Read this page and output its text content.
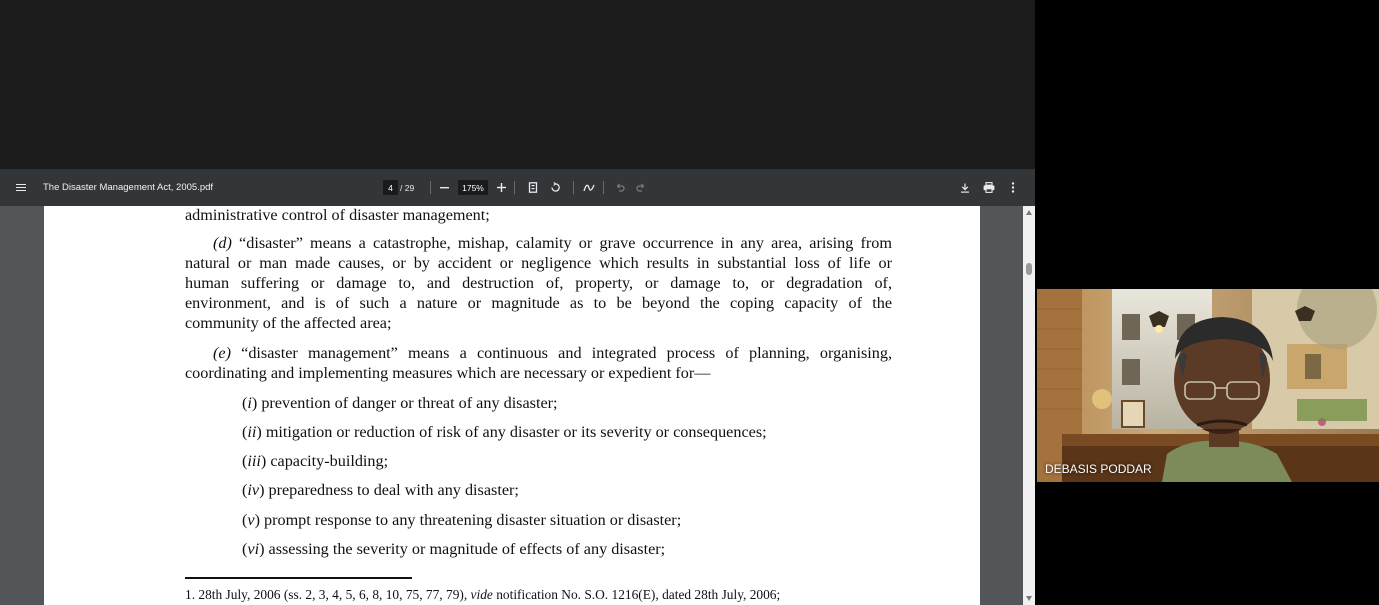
The Disaster Management Act, 2005.pdf	4 / 29	175%
administrative control of disaster management;
(d) “disaster” means a catastrophe, mishap, calamity or grave occurrence in any area, arising from
natural or man made causes, or by accident or negligence which results in substantial loss of life or
human suffering or damage to, and destruction of, property, or damage to, or degradation of,
environment, and is of such a nature or magnitude as to be beyond the coping capacity of the
community of the affected area;
(e) “disaster management” means a continuous and integrated process of planning, organising,
coordinating and implementing measures which are necessary or expedient for—
(i) prevention of danger or threat of any disaster;
(ii) mitigation or reduction of risk of any disaster or its severity or consequences;
(iii) capacity-building;
(iv) preparedness to deal with any disaster;
(v) prompt response to any threatening disaster situation or disaster;
(vi) assessing the severity or magnitude of effects of any disaster;
1. 28th July, 2006 (ss. 2, 3, 4, 5, 6, 8, 10, 75, 77, 79), vide notification No. S.O. 1216(E), dated 28th July, 2006;
DEBASIS PODDAR
